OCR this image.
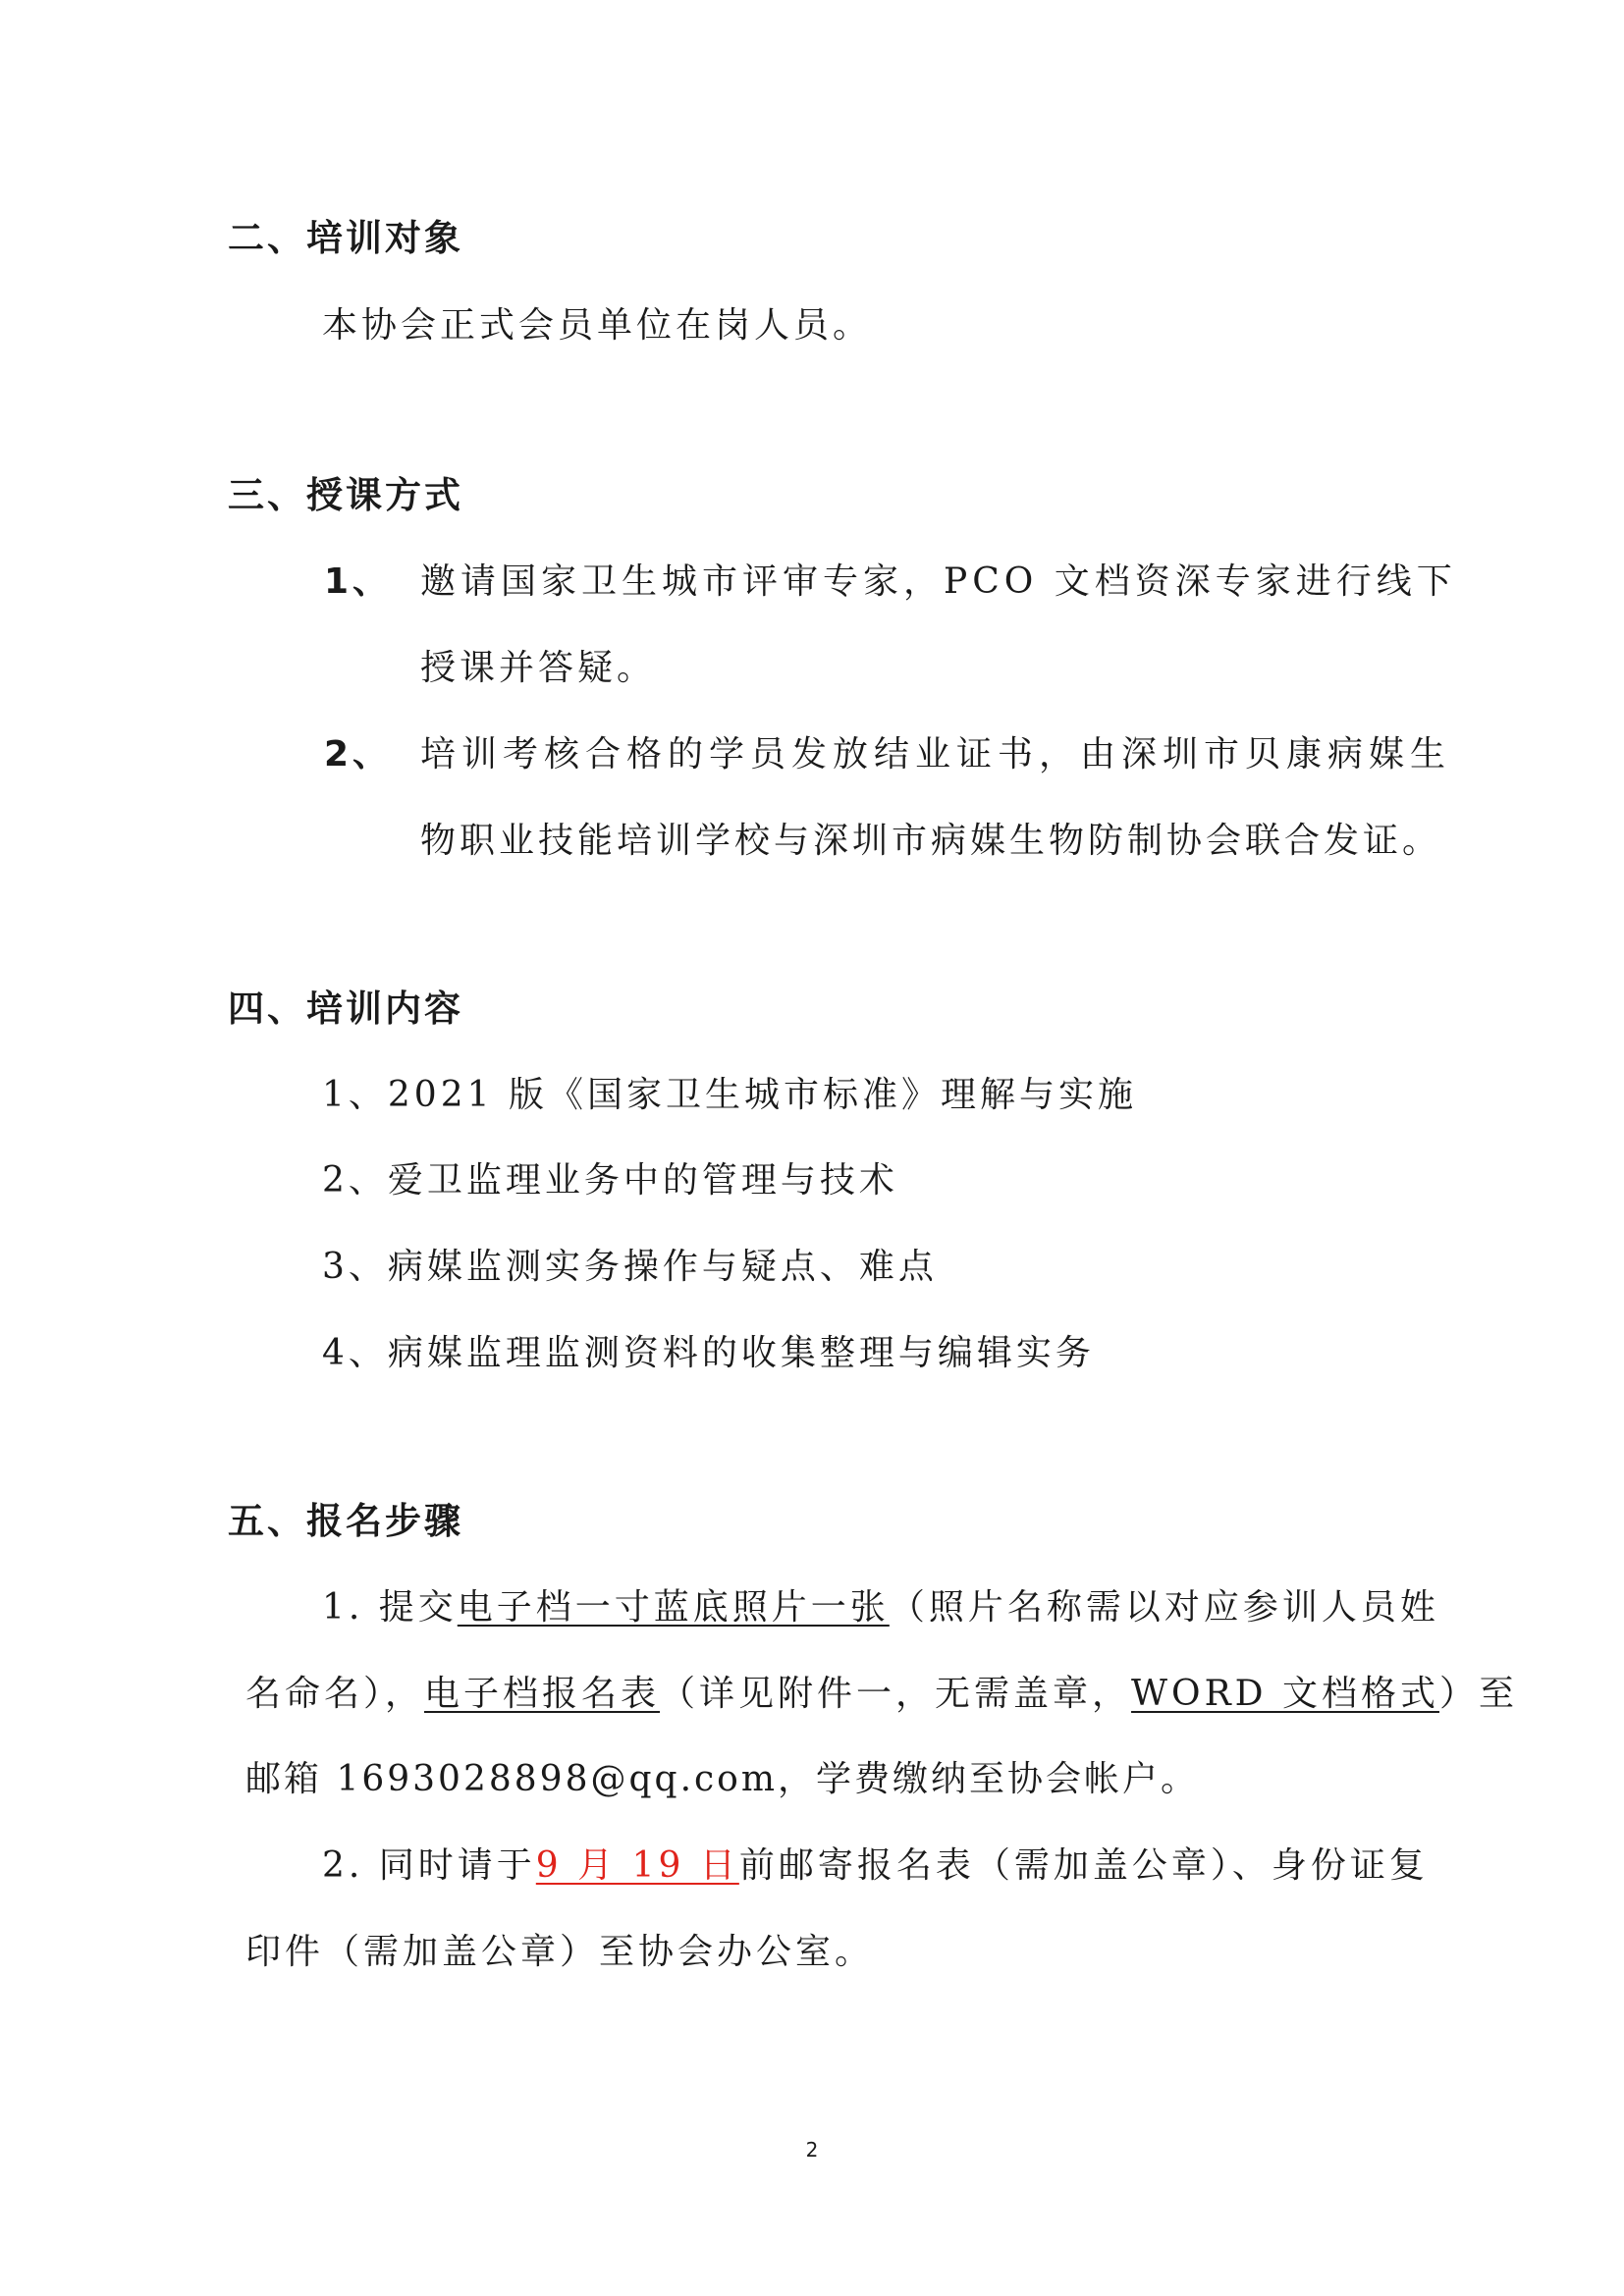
二、培训对象
本协会正式会员单位在岗人员。
三、授课方式
1、 邀请国家卫生城市评审专家，PCO 文档资深专家进行线下
授课并答疑。
2、 培训考核合格的学员发放结业证书，由深圳市贝康病媒生
物职业技能培训学校与深圳市病媒生物防制协会联合发证。
四、培训内容
1、2021 版《国家卫生城市标准》理解与实施
2、爱卫监理业务中的管理与技术
3、病媒监测实务操作与疑点、难点
4、病媒监理监测资料的收集整理与编辑实务
五、报名步骤
1. 提交电子档一寸蓝底照片一张（照片名称需以对应参训人员姓
名命名），电子档报名表（详见附件一，无需盖章，WORD 文档格式）至
邮箱 1693028898@qq.com，学费缴纳至协会帐户。
2. 同时请于9 月 19 日前邮寄报名表（需加盖公章）、身份证复
印件（需加盖公章）至协会办公室。
2
